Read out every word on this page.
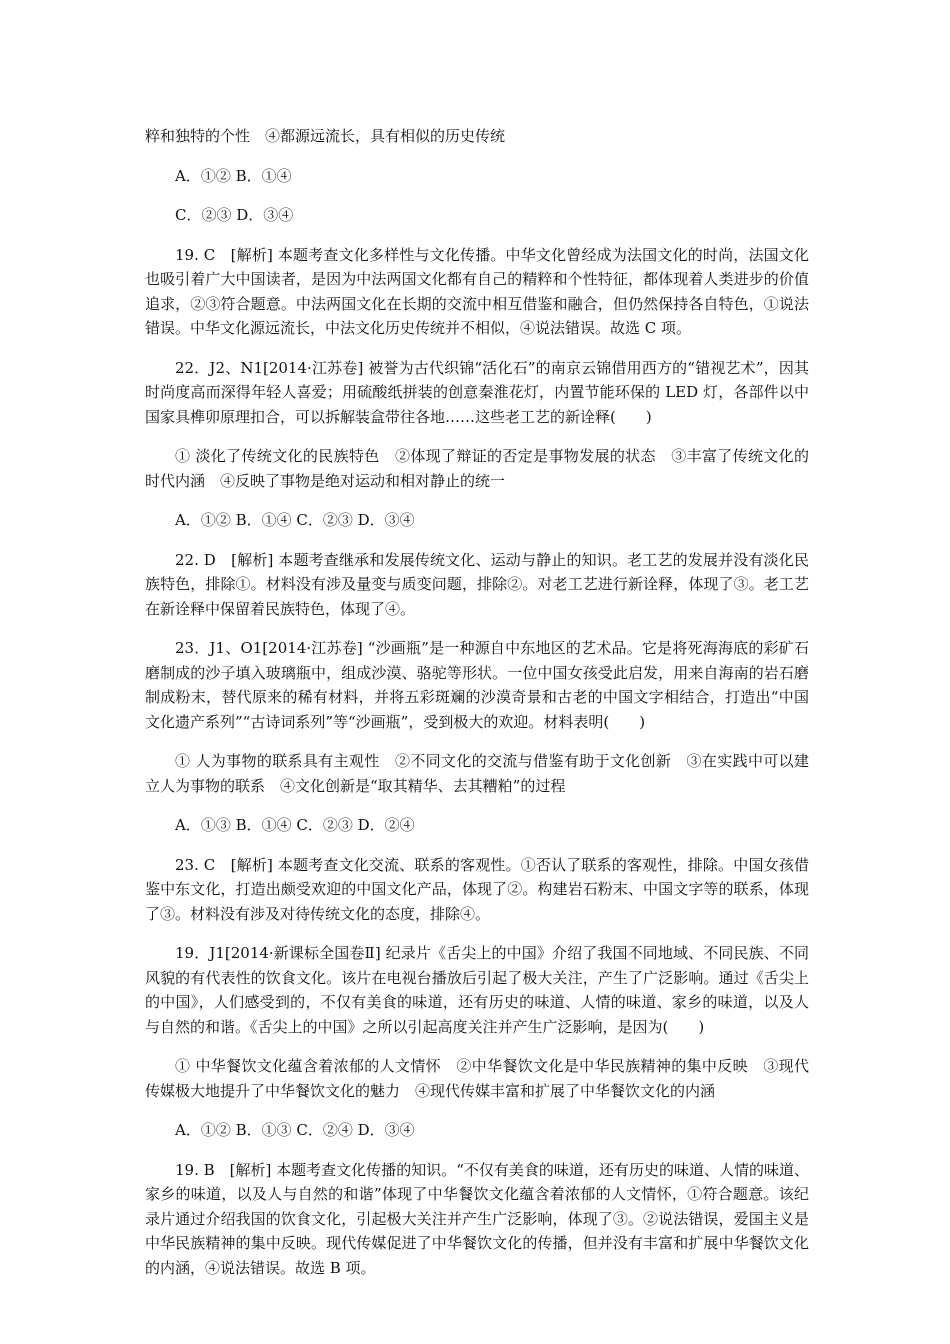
粹和独特的个性　④都源远流长，具有相似的历史传统

A．①② B．①④

C．②③ D．③④

19. C　[解析] 本题考查文化多样性与文化传播。中华文化曾经成为法国文化的时尚，法国文化也吸引着广大中国读者，是因为中法两国文化都有自己的精粹和个性特征，都体现着人类进步的价值追求，②③符合题意。中法两国文化在长期的交流中相互借鉴和融合，但仍然保持各自特色，①说法错误。中华文化源远流长，中法文化历史传统并不相似，④说法错误。故选 C 项。

22．J2、N1[2014·江苏卷] 被誉为古代织锦“活化石”的南京云锦借用西方的“错视艺术”，因其时尚度高而深得年轻人喜爱；用硫酸纸拼装的创意秦淮花灯，内置节能环保的 LED 灯，各部件以中国家具榫卯原理扣合，可以拆解装盒带往各地……这些老工艺的新诠释(　　)

① 淡化了传统文化的民族特色　②体现了辩证的否定是事物发展的状态　③丰富了传统文化的时代内涵　④反映了事物是绝对运动和相对静止的统一

A．①② B．①④ C．②③ D．③④

22. D　[解析] 本题考查继承和发展传统文化、运动与静止的知识。老工艺的发展并没有淡化民族特色，排除①。材料没有涉及量变与质变问题，排除②。对老工艺进行新诠释，体现了③。老工艺在新诠释中保留着民族特色，体现了④。

23．J1、O1[2014·江苏卷] “沙画瓶”是一种源自中东地区的艺术品。它是将死海海底的彩矿石磨制成的沙子填入玻璃瓶中，组成沙漠、骆驼等形状。一位中国女孩受此启发，用来自海南的岩石磨制成粉末，替代原来的稀有材料，并将五彩斑斓的沙漠奇景和古老的中国文字相结合，打造出“中国文化遗产系列”“古诗词系列”等“沙画瓶”，受到极大的欢迎。材料表明(　　)

① 人为事物的联系具有主观性　②不同文化的交流与借鉴有助于文化创新　③在实践中可以建立人为事物的联系　④文化创新是“取其精华、去其糟粕”的过程

A．①③ B．①④ C．②③ D．②④

23. C　[解析] 本题考查文化交流、联系的客观性。①否认了联系的客观性，排除。中国女孩借鉴中东文化，打造出颇受欢迎的中国文化产品，体现了②。构建岩石粉末、中国文字等的联系，体现了③。材料没有涉及对待传统文化的态度，排除④。

19．J1[2014·新课标全国卷Ⅱ] 纪录片《舌尖上的中国》介绍了我国不同地域、不同民族、不同风貌的有代表性的饮食文化。该片在电视台播放后引起了极大关注，产生了广泛影响。通过《舌尖上的中国》，人们感受到的，不仅有美食的味道，还有历史的味道、人情的味道、家乡的味道，以及人与自然的和谐。《舌尖上的中国》之所以引起高度关注并产生广泛影响，是因为(　　)

① 中华餐饮文化蕴含着浓郁的人文情怀　②中华餐饮文化是中华民族精神的集中反映　③现代传媒极大地提升了中华餐饮文化的魅力　④现代传媒丰富和扩展了中华餐饮文化的内涵

A．①② B．①③ C．②④ D．③④

19. B　[解析] 本题考查文化传播的知识。“不仅有美食的味道，还有历史的味道、人情的味道、家乡的味道，以及人与自然的和谐”体现了中华餐饮文化蕴含着浓郁的人文情怀，①符合题意。该纪录片通过介绍我国的饮食文化，引起极大关注并产生广泛影响，体现了③。②说法错误，爱国主义是中华民族精神的集中反映。现代传媒促进了中华餐饮文化的传播，但并没有丰富和扩展中华餐饮文化的内涵，④说法错误。故选 B 项。
